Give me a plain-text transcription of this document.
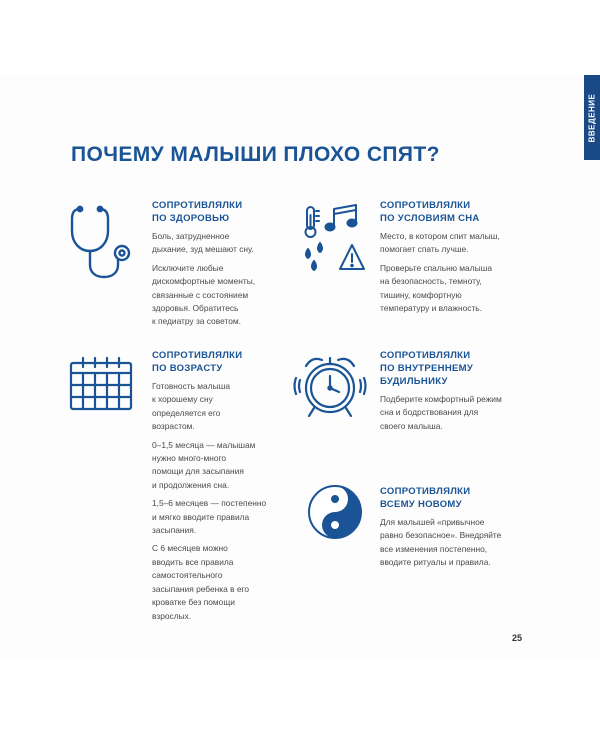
ВВЕДЕНИЕ
ПОЧЕМУ МАЛЫШИ ПЛОХО СПЯТ?

СОПРОТИВЛЯЛКИ
ПО ЗДОРОВЬЮ

Боль, затрудненное
дыхание, зуд мешают сну.

Исключите любые
дискомфортные моменты,
связанные с состоянием
здоровья. Обратитесь
к педиатру за советом.

СОПРОТИВЛЯЛКИ
ПО УСЛОВИЯМ СНА

Место, в котором спит малыш,
помогает спать лучше.

Проверьте спальню малыша
на безопасность, темноту,
тишину, комфортную
температуру и влажность.

СОПРОТИВЛЯЛКИ
ПО ВОЗРАСТУ

Готовность малыша
к хорошему сну
определяется его
возрастом.

0–1,5 месяца — малышам
нужно много-много
помощи для засыпания
и продолжения сна.

1,5–6 месяцев — постепенно
и мягко вводите правила
засыпания.

С 6 месяцев можно
вводить все правила
самостоятельного
засыпания ребенка в его
кроватке без помощи
взрослых.

СОПРОТИВЛЯЛКИ
ПО ВНУТРЕННЕМУ
БУДИЛЬНИКУ

Подберите комфортный режим
сна и бодрствования для
своего малыша.

СОПРОТИВЛЯЛКИ
ВСЕМУ НОВОМУ

Для малышей «привычное
равно безопасное». Внедряйте
все изменения постепенно,
вводите ритуалы и правила.

25
